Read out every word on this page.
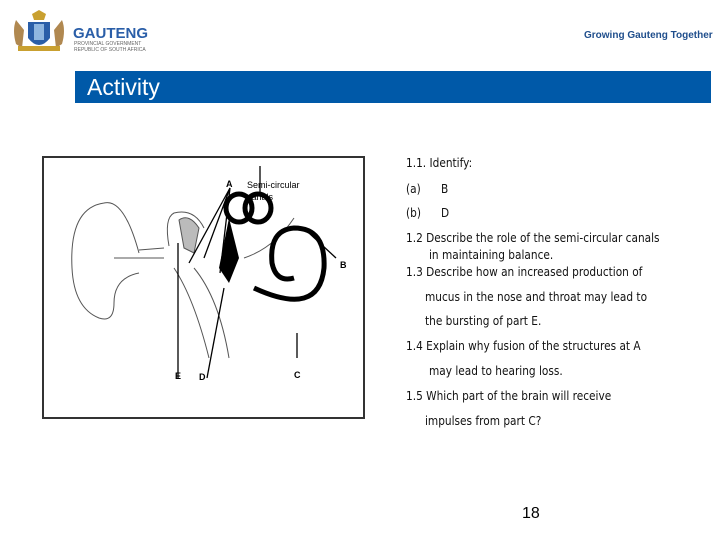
GAUTENG
PROVINCIAL GOVERNMENT
REPUBLIC OF SOUTH AFRICA
Growing Gauteng Together
Activity
A Semi-circular
canals
B
E D	C
1.1. Identify:
(a) B
(b) D
1.2 Describe the role of the semi-circular canals
in maintaining balance.
1.3 Describe how an increased production of
mucus in the nose and throat may lead to
the bursting of part E.
1.4 Explain why fusion of the structures at A
may lead to hearing loss.
1.5 Which part of the brain will receive
impulses from part C?
18
